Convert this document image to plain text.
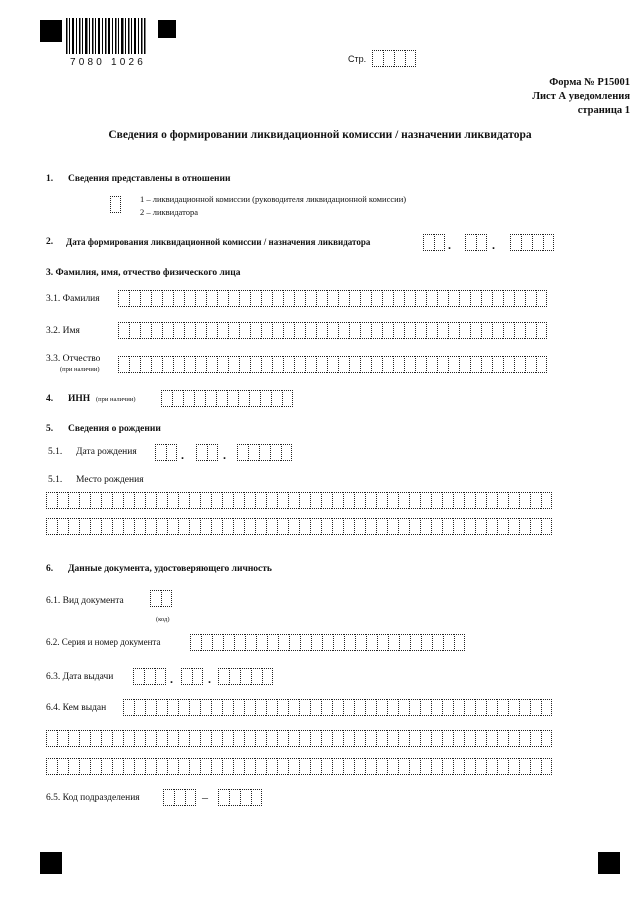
7080 1026	Стр.
Форма № Р15001
Лист А уведомления
страница 1
Сведения о формировании ликвидационной комиссии / назначении ликвидатора
1. Сведения представлены в отношении
1 – ликвидационной комиссии (руководителя ликвидационной комиссии)
2 – ликвидатора
2. Дата формирования ликвидационной комиссии / назначения ликвидатора	.	.
3. Фамилия, имя, отчество физического лица
3.1. Фамилия
3.2. Имя
3.3. Отчество
(при наличии)
4. ИНН (при наличии)
5. Сведения о рождении
5.1. Дата рождения	.	.
5.1. Место рождения
6. Данные документа, удостоверяющего личность
6.1. Вид документа
(код)
6.2. Серия и номер документа
6.3. Дата выдачи	.	.
6.4. Кем выдан
6.5. Код подразделения	–
